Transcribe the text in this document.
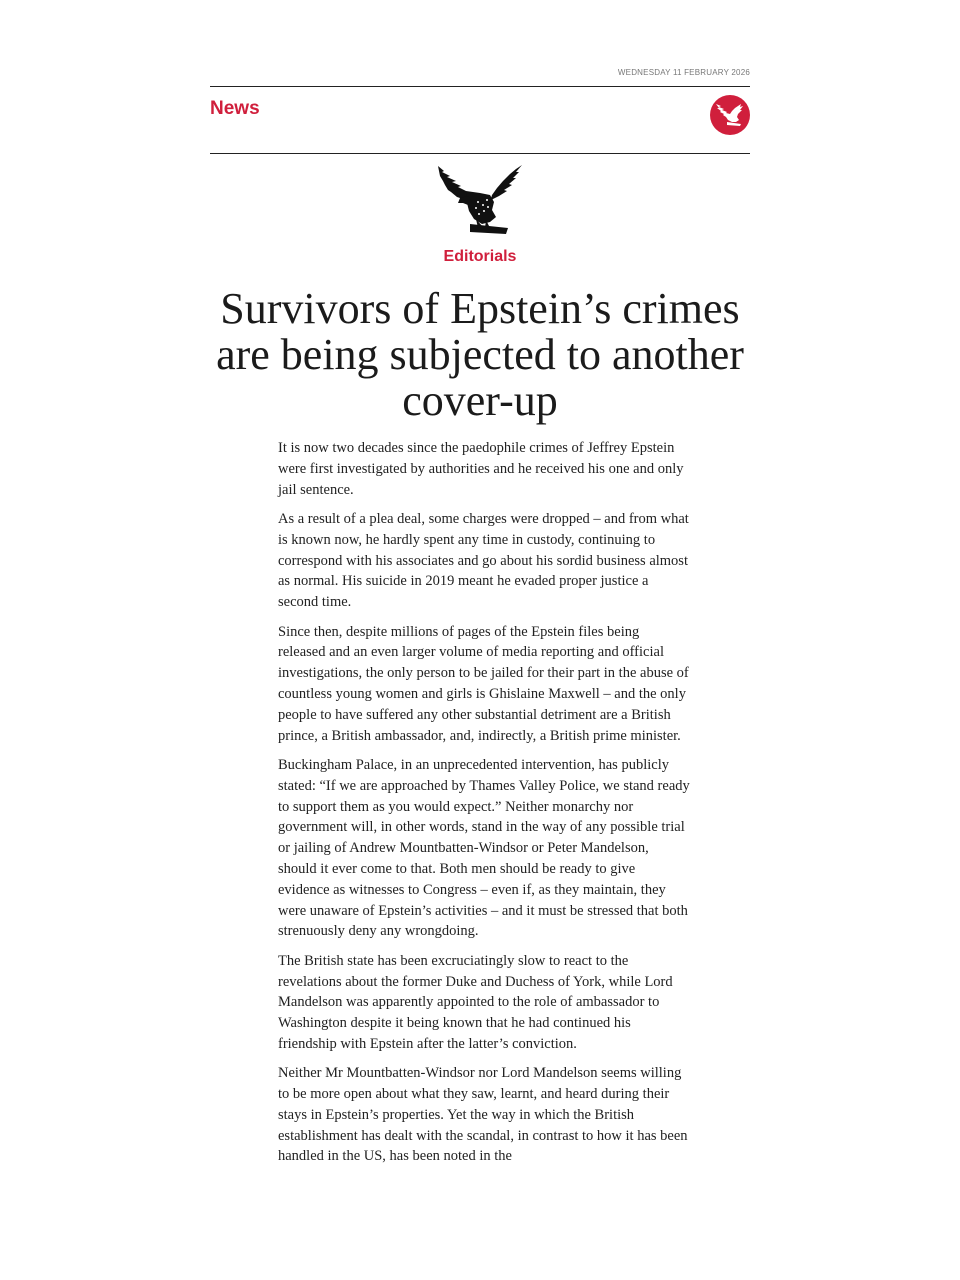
WEDNESDAY 11 FEBRUARY 2026
News
Editorials
Survivors of Epstein’s crimes are being subjected to another cover-up

It is now two decades since the paedophile crimes of Jeffrey Epstein were first investigated by authorities and he received his one and only jail sentence.

As a result of a plea deal, some charges were dropped – and from what is known now, he hardly spent any time in custody, continuing to correspond with his associates and go about his sordid business almost as normal. His suicide in 2019 meant he evaded proper justice a second time.

Since then, despite millions of pages of the Epstein files being released and an even larger volume of media reporting and official investigations, the only person to be jailed for their part in the abuse of countless young women and girls is Ghislaine Maxwell – and the only people to have suffered any other substantial detriment are a British prince, a British ambassador, and, indirectly, a British prime minister.

Buckingham Palace, in an unprecedented intervention, has publicly stated: “If we are approached by Thames Valley Police, we stand ready to support them as you would expect.” Neither monarchy nor government will, in other words, stand in the way of any possible trial or jailing of Andrew Mountbatten-Windsor or Peter Mandelson, should it ever come to that. Both men should be ready to give evidence as witnesses to Congress – even if, as they maintain, they were unaware of Epstein’s activities – and it must be stressed that both strenuously deny any wrongdoing.

The British state has been excruciatingly slow to react to the revelations about the former Duke and Duchess of York, while Lord Mandelson was apparently appointed to the role of ambassador to Washington despite it being known that he had continued his friendship with Epstein after the latter’s conviction.

Neither Mr Mountbatten-Windsor nor Lord Mandelson seems willing to be more open about what they saw, learnt, and heard during their stays in Epstein’s properties. Yet the way in which the British establishment has dealt with the scandal, in contrast to how it has been handled in the US, has been noted in the
